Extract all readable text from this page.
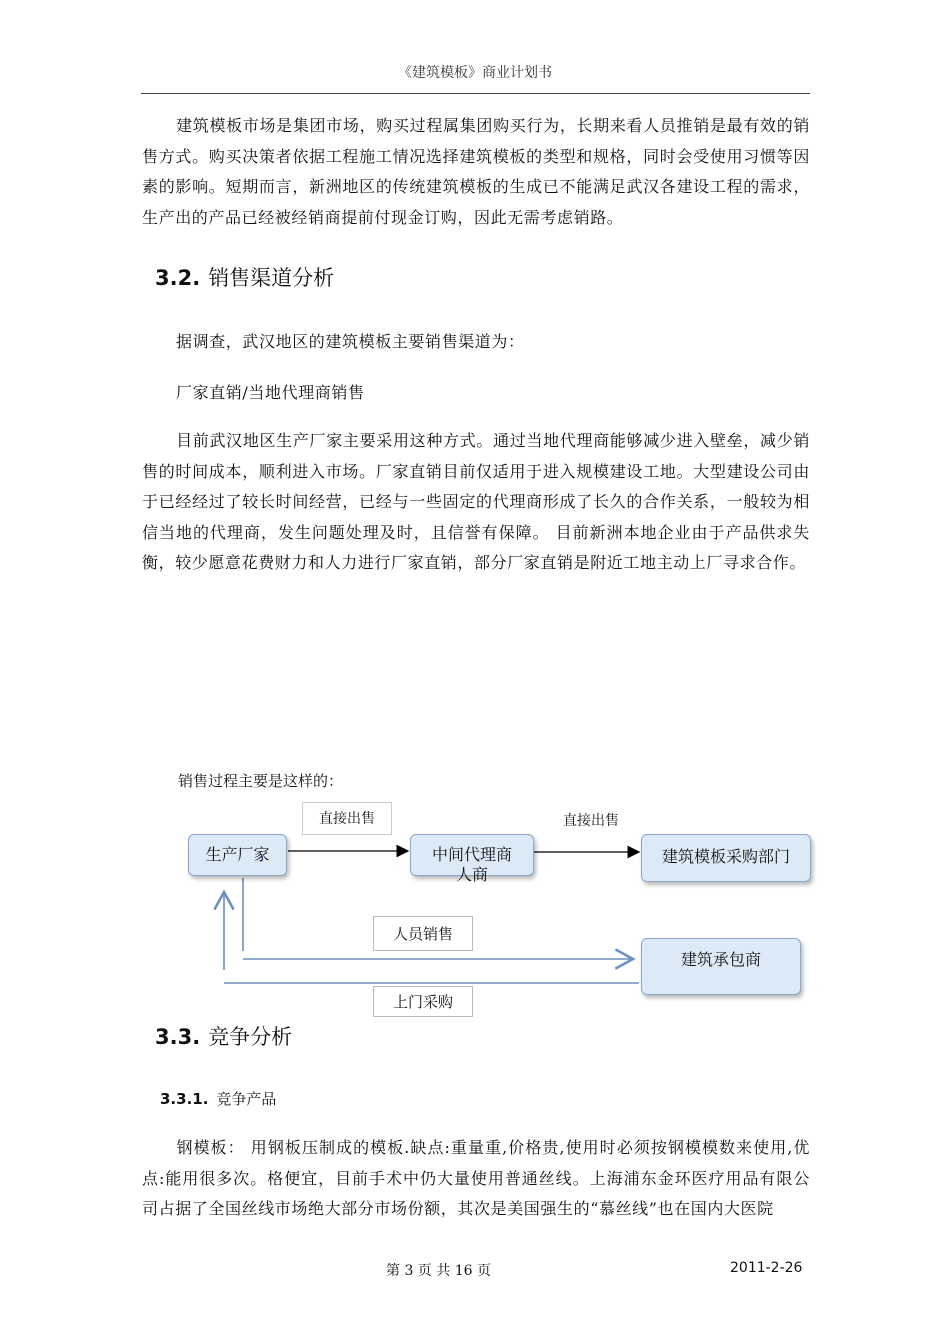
《建筑模板》商业计划书
建筑模板市场是集团市场，购买过程属集团购买行为，长期来看人员推销是最有效的销售方式。购买决策者依据工程施工情况选择建筑模板的类型和规格，同时会受使用习惯等因素的影响。短期而言，新洲地区的传统建筑模板的生成已不能满足武汉各建设工程的需求，生产出的产品已经被经销商提前付现金订购，因此无需考虑销路。
3.2. 销售渠道分析
据调查，武汉地区的建筑模板主要销售渠道为：
厂家直销/当地代理商销售
目前武汉地区生产厂家主要采用这种方式。通过当地代理商能够减少进入壁垒，减少销售的时间成本，顺利进入市场。厂家直销目前仅适用于进入规模建设工地。大型建设公司由于已经经过了较长时间经营，已经与一些固定的代理商形成了长久的合作关系，一般较为相信当地的代理商，发生问题处理及时，且信誉有保障。 目前新洲本地企业由于产品供求失衡，较少愿意花费财力和人力进行厂家直销，部分厂家直销是附近工地主动上厂寻求合作。
销售过程主要是这样的：
生产厂家	中间代理商
人商
建筑模板采购部门
建筑承包商
直接出售	直接出售
人员销售
上门采购
3.3. 竞争分析
3.3.1. 竞争产品
钢模板： 用钢板压制成的模板.缺点:重量重,价格贵,使用时必须按钢模模数来使用,优点:能用很多次。格便宜，目前手术中仍大量使用普通丝线。上海浦东金环医疗用品有限公司占据了全国丝线市场绝大部分市场份额，其次是美国强生的“慕丝线”也在国内大医院
第 3 页 共 16 页	2011-2-26
